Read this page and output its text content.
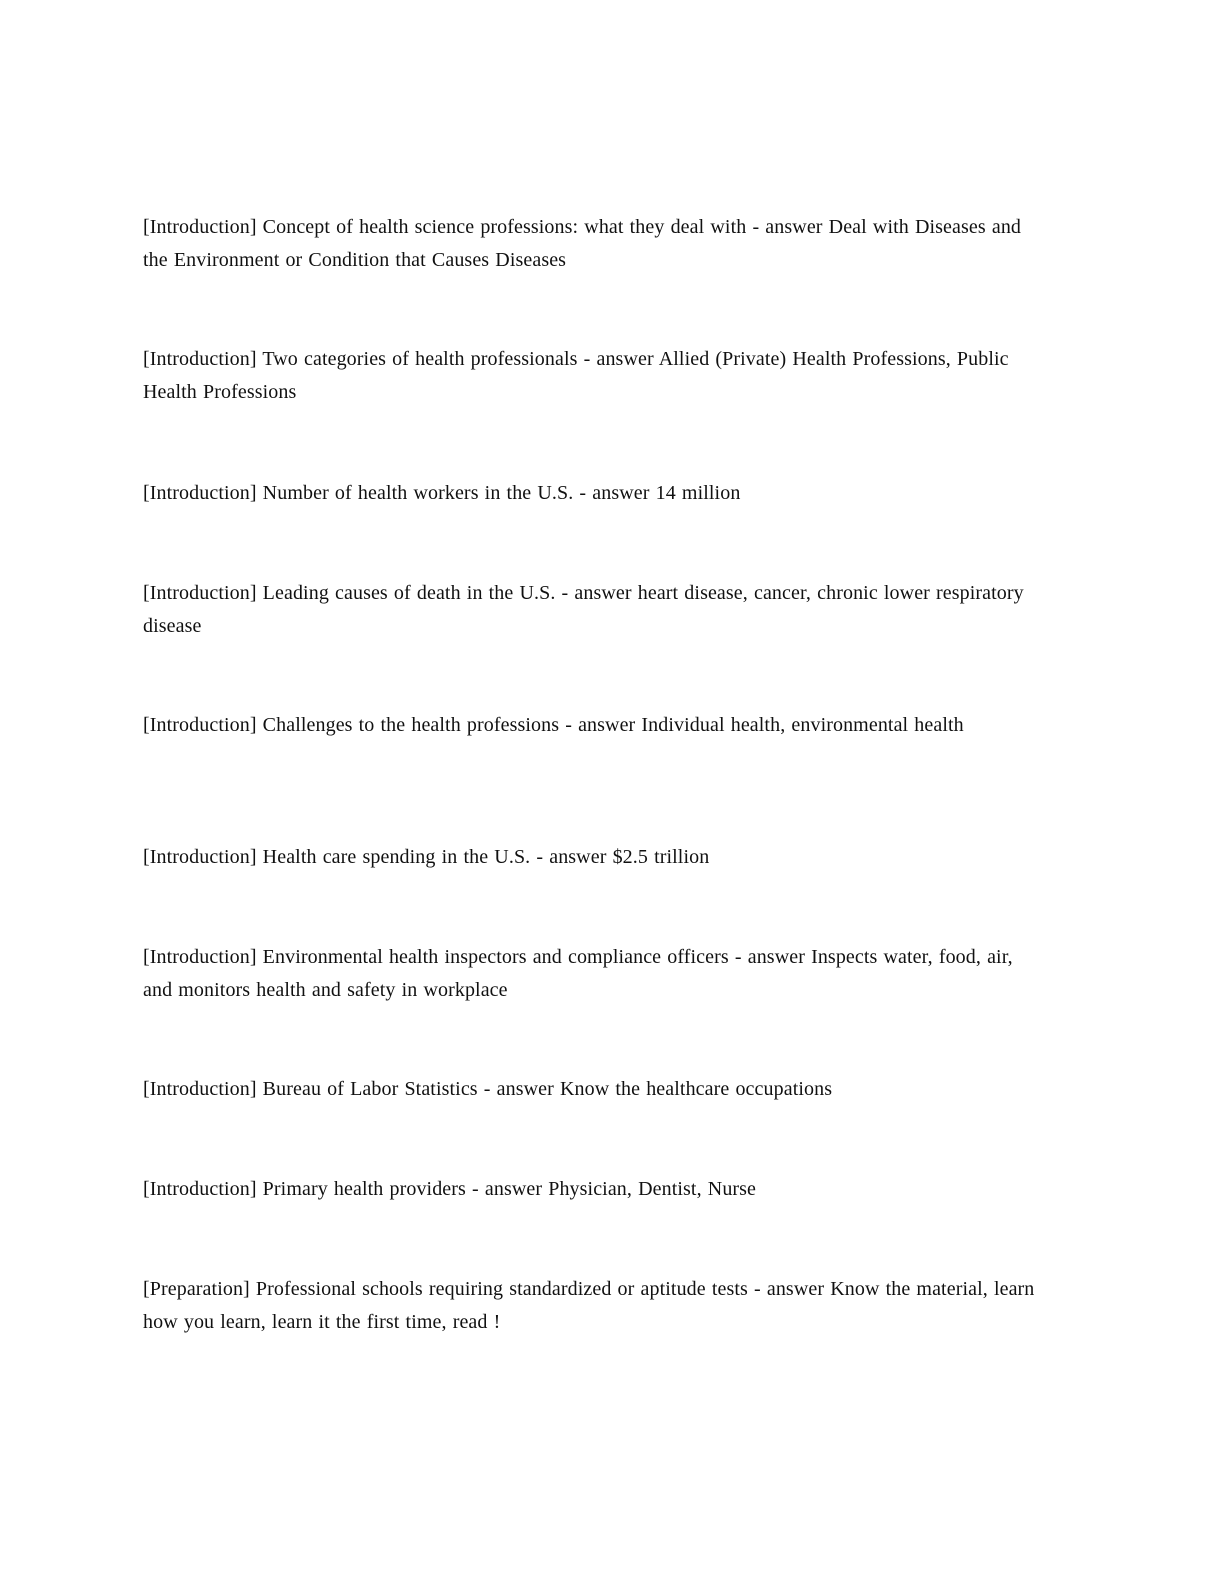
[Introduction] Concept of health science professions: what they deal with - answer Deal with Diseases and the Environment or Condition that Causes Diseases

[Introduction] Two categories of health professionals - answer Allied (Private) Health Professions, Public Health Professions

[Introduction] Number of health workers in the U.S. - answer 14 million

[Introduction] Leading causes of death in the U.S. - answer heart disease, cancer, chronic lower respiratory disease

[Introduction] Challenges to the health professions - answer Individual health, environmental health

[Introduction] Health care spending in the U.S. - answer $2.5 trillion

[Introduction] Environmental health inspectors and compliance officers - answer Inspects water, food, air, and monitors health and safety in workplace

[Introduction] Bureau of Labor Statistics - answer Know the healthcare occupations

[Introduction] Primary health providers - answer Physician, Dentist, Nurse

[Preparation] Professional schools requiring standardized or aptitude tests - answer Know the material, learn how you learn, learn it the first time, read !
